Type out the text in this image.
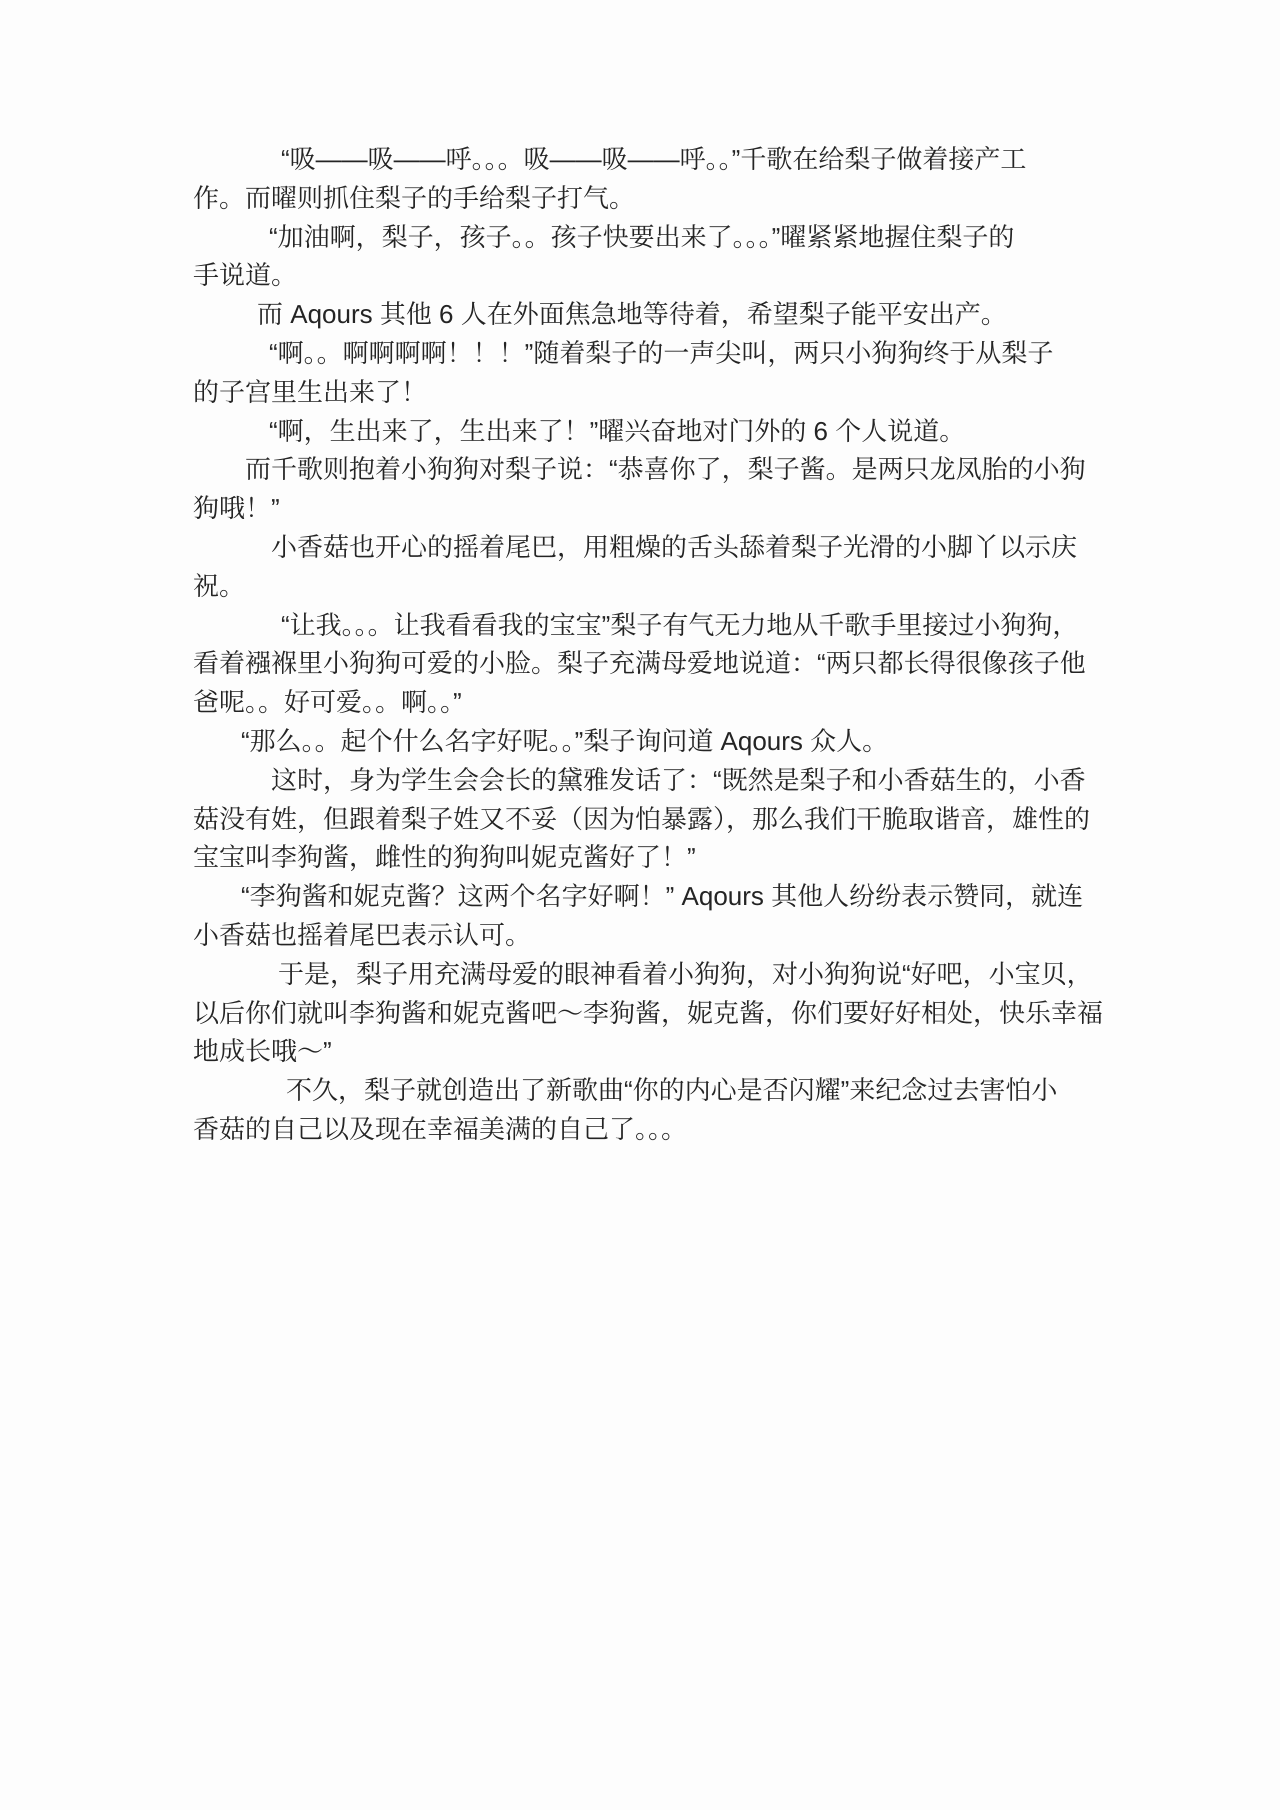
“吸——吸——呼。。。吸——吸——呼。。”千歌在给梨子做着接产工
作。而曜则抓住梨子的手给梨子打气。
“加油啊，梨子，孩子。。孩子快要出来了。。。”曜紧紧地握住梨子的
手说道。
而 Aqours 其他 6 人在外面焦急地等待着，希望梨子能平安出产。
“啊。。啊啊啊啊！！！”随着梨子的一声尖叫，两只小狗狗终于从梨子
的子宫里生出来了！
“啊，生出来了，生出来了！”曜兴奋地对门外的 6 个人说道。
而千歌则抱着小狗狗对梨子说：“恭喜你了，梨子酱。是两只龙凤胎的小狗
狗哦！”
小香菇也开心的摇着尾巴，用粗燥的舌头舔着梨子光滑的小脚丫以示庆
祝。
“让我。。。让我看看我的宝宝”梨子有气无力地从千歌手里接过小狗狗，
看着襁褓里小狗狗可爱的小脸。梨子充满母爱地说道：“两只都长得很像孩子他
爸呢。。好可爱。。啊。。”
“那么。。起个什么名字好呢。。”梨子询问道 Aqours 众人。
这时，身为学生会会长的黛雅发话了：“既然是梨子和小香菇生的，小香
菇没有姓，但跟着梨子姓又不妥（因为怕暴露），那么我们干脆取谐音，雄性的
宝宝叫李狗酱，雌性的狗狗叫妮克酱好了！”
“李狗酱和妮克酱？这两个名字好啊！” Aqours 其他人纷纷表示赞同，就连
小香菇也摇着尾巴表示认可。
于是，梨子用充满母爱的眼神看着小狗狗，对小狗狗说“好吧，小宝贝，
以后你们就叫李狗酱和妮克酱吧～李狗酱，妮克酱，你们要好好相处，快乐幸福
地成长哦～”
不久，梨子就创造出了新歌曲“你的内心是否闪耀”来纪念过去害怕小
香菇的自己以及现在幸福美满的自己了。。。
